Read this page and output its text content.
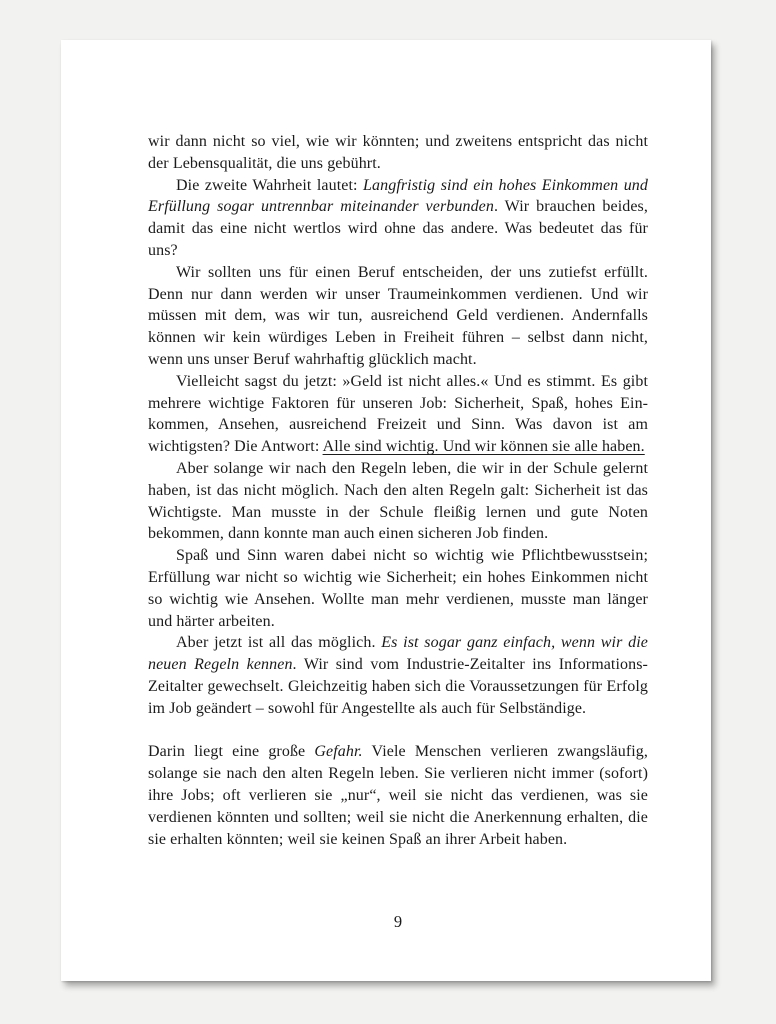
wir dann nicht so viel, wie wir könnten; und zweitens entspricht das nicht der Lebensqualität, die uns gebührt.

Die zweite Wahrheit lautet: Langfristig sind ein hohes Einkommen und Erfüllung sogar untrennbar miteinander verbunden. Wir brauchen beides, damit das eine nicht wertlos wird ohne das andere. Was bedeutet das für uns?

Wir sollten uns für einen Beruf entscheiden, der uns zutiefst erfüllt. Denn nur dann werden wir unser Traumeinkommen verdienen. Und wir müssen mit dem, was wir tun, ausreichend Geld verdienen. Andernfalls können wir kein würdiges Leben in Freiheit führen – selbst dann nicht, wenn uns unser Beruf wahrhaftig glücklich macht.

Vielleicht sagst du jetzt: »Geld ist nicht alles.« Und es stimmt. Es gibt mehrere wichtige Faktoren für unseren Job: Sicherheit, Spaß, hohes Einkommen, Ansehen, ausreichend Freizeit und Sinn. Was davon ist am wichtigsten? Die Antwort: Alle sind wichtig. Und wir können sie alle haben.

Aber solange wir nach den Regeln leben, die wir in der Schule gelernt haben, ist das nicht möglich. Nach den alten Regeln galt: Sicherheit ist das Wichtigste. Man musste in der Schule fleißig lernen und gute Noten bekommen, dann konnte man auch einen sicheren Job finden.

Spaß und Sinn waren dabei nicht so wichtig wie Pflichtbewusstsein; Erfüllung war nicht so wichtig wie Sicherheit; ein hohes Einkommen nicht so wichtig wie Ansehen. Wollte man mehr verdienen, musste man länger und härter arbeiten.

Aber jetzt ist all das möglich. Es ist sogar ganz einfach, wenn wir die neuen Regeln kennen. Wir sind vom Industrie-Zeitalter ins Informations-Zeitalter gewechselt. Gleichzeitig haben sich die Voraussetzungen für Erfolg im Job geändert – sowohl für Angestellte als auch für Selbständige.

Darin liegt eine große Gefahr. Viele Menschen verlieren zwangsläufig, solange sie nach den alten Regeln leben. Sie verlieren nicht immer (sofort) ihre Jobs; oft verlieren sie „nur“, weil sie nicht das verdienen, was sie verdienen könnten und sollten; weil sie nicht die Anerkennung erhalten, die sie erhalten könnten; weil sie keinen Spaß an ihrer Arbeit haben.

9
